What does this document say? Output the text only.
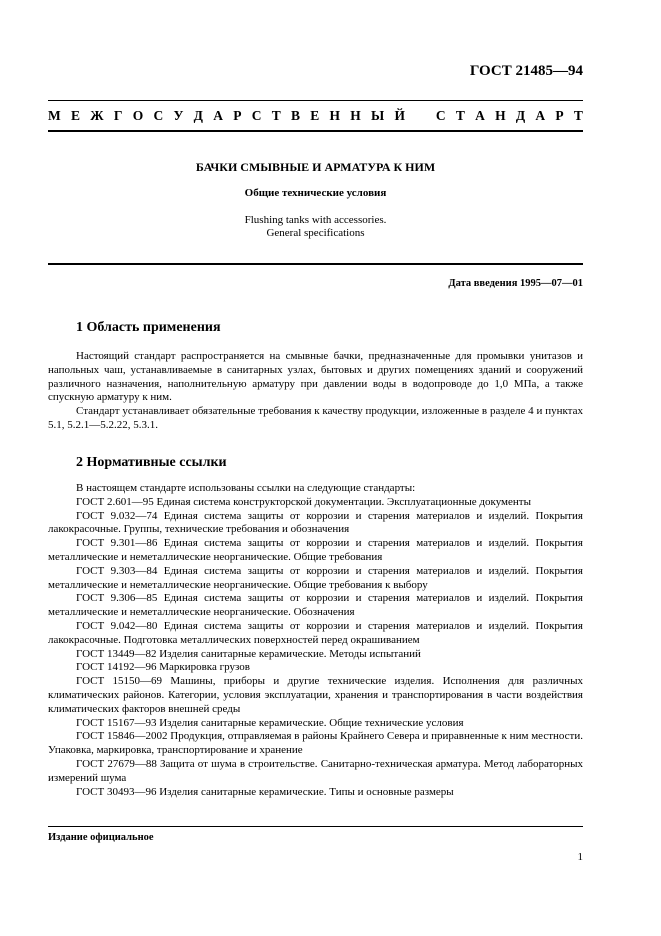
ГОСТ 21485—94
М Е Ж Г О С У Д А Р С Т В Е Н Н Ы Й С Т А Н Д А Р Т
БАЧКИ СМЫВНЫЕ И АРМАТУРА К НИМ
Общие технические условия
Flushing tanks with accessories.
General specifications
Дата введения 1995—07—01
1 Область применения

Настоящий стандарт распространяется на смывные бачки, предназначенные для промывки унитазов и напольных чаш, устанавливаемые в санитарных узлах, бытовых и других помещениях зданий и сооружений различного назначения, наполнительную арматуру при давлении воды в водопроводе до 1,0 МПа, а также спускную арматуру к ним.

Стандарт устанавливает обязательные требования к качеству продукции, изложенные в разделе 4 и пунктах 5.1, 5.2.1—5.2.22, 5.3.1.

2 Нормативные ссылки

В настоящем стандарте использованы ссылки на следующие стандарты:

ГОСТ 2.601—95 Единая система конструкторской документации. Эксплуатационные документы

ГОСТ 9.032—74 Единая система защиты от коррозии и старения материалов и изделий. Покрытия лакокрасочные. Группы, технические требования и обозначения

ГОСТ 9.301—86 Единая система защиты от коррозии и старения материалов и изделий. Покрытия металлические и неметаллические неорганические. Общие требования

ГОСТ 9.303—84 Единая система защиты от коррозии и старения материалов и изделий. Покрытия металлические и неметаллические неорганические. Общие требования к выбору

ГОСТ 9.306—85 Единая система защиты от коррозии и старения материалов и изделий. Покрытия металлические и неметаллические неорганические. Обозначения

ГОСТ 9.042—80 Единая система защиты от коррозии и старения материалов и изделий. Покрытия лакокрасочные. Подготовка металлических поверхностей перед окрашиванием

ГОСТ 13449—82 Изделия санитарные керамические. Методы испытаний

ГОСТ 14192—96 Маркировка грузов

ГОСТ 15150—69 Машины, приборы и другие технические изделия. Исполнения для различных климатических районов. Категории, условия эксплуатации, хранения и транспортирования в части воздействия климатических факторов внешней среды

ГОСТ 15167—93 Изделия санитарные керамические. Общие технические условия

ГОСТ 15846—2002 Продукция, отправляемая в районы Крайнего Севера и приравненные к ним местности. Упаковка, маркировка, транспортирование и хранение

ГОСТ 27679—88 Защита от шума в строительстве. Санитарно-техническая арматура. Метод лабораторных измерений шума

ГОСТ 30493—96 Изделия санитарные керамические. Типы и основные размеры

Издание официальное
1
